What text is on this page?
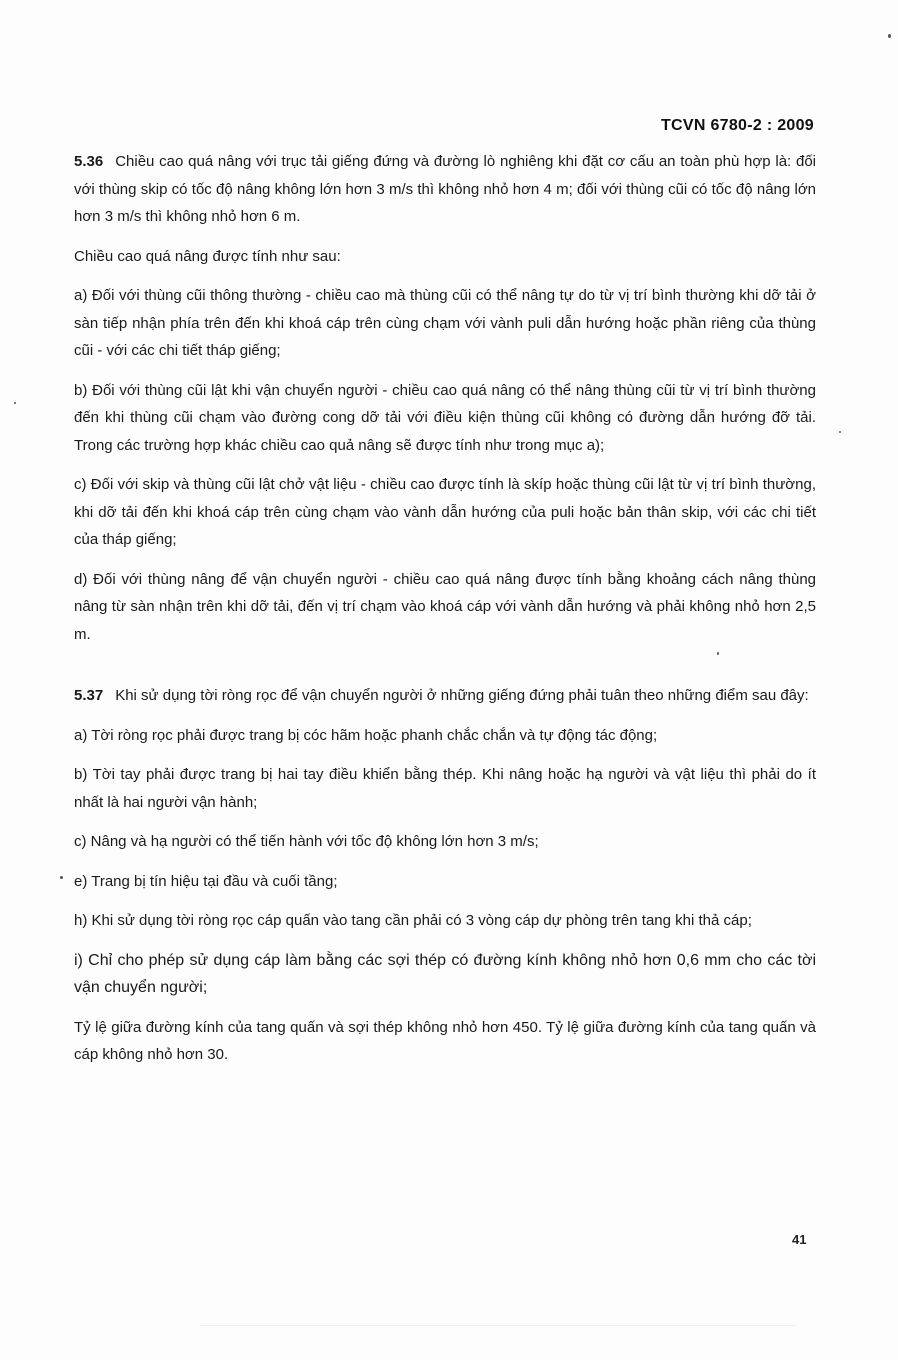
TCVN 6780-2 : 2009

5.36 Chiều cao quá nâng với trục tải giếng đứng và đường lò nghiêng khi đặt cơ cấu an toàn phù hợp là: đối với thùng skip có tốc độ nâng không lớn hơn 3 m/s thì không nhỏ hơn 4 m; đối với thùng cũi có tốc độ nâng lớn hơn 3 m/s thì không nhỏ hơn 6 m.

Chiều cao quá nâng được tính như sau:

a) Đối với thùng cũi thông thường - chiều cao mà thùng cũi có thể nâng tự do từ vị trí bình thường khi dỡ tải ở sàn tiếp nhận phía trên đến khi khoá cáp trên cùng chạm với vành puli dẫn hướng hoặc phần riêng của thùng cũi - với các chi tiết tháp giếng;

b) Đối với thùng cũi lật khi vận chuyển người - chiều cao quá nâng có thể nâng thùng cũi từ vị trí bình thường đến khi thùng cũi chạm vào đường cong dỡ tải với điều kiện thùng cũi không có đường dẫn hướng đỡ tải. Trong các trường hợp khác chiều cao quả nâng sẽ được tính như trong mục a);

c) Đối với skip và thùng cũi lật chở vật liệu - chiều cao được tính là skíp hoặc thùng cũi lật từ vị trí bình thường, khi dỡ tải đến khi khoá cáp trên cùng chạm vào vành dẫn hướng của puli hoặc bản thân skip, với các chi tiết của tháp giếng;

d) Đối với thùng nâng để vận chuyển người - chiều cao quá nâng được tính bằng khoảng cách nâng thùng nâng từ sàn nhận trên khi dỡ tải, đến vị trí chạm vào khoá cáp với vành dẫn hướng và phải không nhỏ hơn 2,5 m.

5.37 Khi sử dụng tời ròng rọc để vận chuyển người ở những giếng đứng phải tuân theo những điểm sau đây:

a) Tời ròng rọc phải được trang bị cóc hãm hoặc phanh chắc chắn và tự động tác động;

b) Tời tay phải được trang bị hai tay điều khiển bằng thép. Khi nâng hoặc hạ người và vật liệu thì phải do ít nhất là hai người vận hành;

c) Nâng và hạ người có thể tiến hành với tốc độ không lớn hơn 3 m/s;

e) Trang bị tín hiệu tại đầu và cuối tầng;

h) Khi sử dụng tời ròng rọc cáp quấn vào tang cần phải có 3 vòng cáp dự phòng trên tang khi thả cáp;

i) Chỉ cho phép sử dụng cáp làm bằng các sợi thép có đường kính không nhỏ hơn 0,6 mm cho các tời vận chuyển người;

Tỷ lệ giữa đường kính của tang quấn và sợi thép không nhỏ hơn 450. Tỷ lệ giữa đường kính của tang quấn và cáp không nhỏ hơn 30.

41
